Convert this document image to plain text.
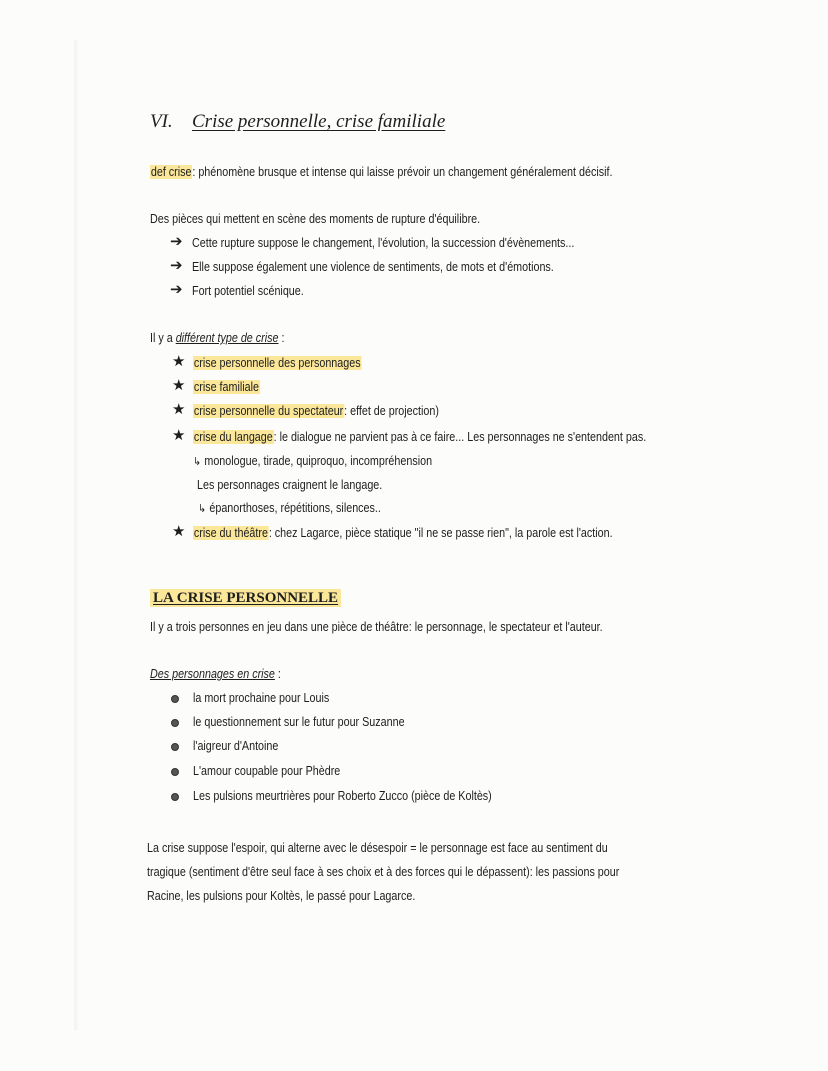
VI. Crise personnelle, crise familiale
def crise: phénomène brusque et intense qui laisse prévoir un changement généralement décisif.
Des pièces qui mettent en scène des moments de rupture d'équilibre.
➔ Cette rupture suppose le changement, l'évolution, la succession d'évènements...
➔ Elle suppose également une violence de sentiments, de mots et d'émotions.
➔ Fort potentiel scénique.
Il y a différent type de crise :
★ crise personnelle des personnages
★ crise familiale
★ crise personnelle du spectateur: effet de projection)
★ crise du langage: le dialogue ne parvient pas à ce faire... Les personnages ne s'entendent pas.
↳ monologue, tirade, quiproquo, incompréhension
Les personnages craignent le langage.
↳ épanorthoses, répétitions, silences..
★ crise du théâtre: chez Lagarce, pièce statique "il ne se passe rien", la parole est l'action.
LA CRISE PERSONNELLE
Il y a trois personnes en jeu dans une pièce de théâtre: le personnage, le spectateur et l'auteur.
Des personnages en crise :
la mort prochaine pour Louis
le questionnement sur le futur pour Suzanne
l'aigreur d'Antoine
L'amour coupable pour Phèdre
Les pulsions meurtrières pour Roberto Zucco (pièce de Koltès)
La crise suppose l'espoir, qui alterne avec le désespoir = le personnage est face au sentiment du
tragique (sentiment d'être seul face à ses choix et à des forces qui le dépassent): les passions pour
Racine, les pulsions pour Koltès, le passé pour Lagarce.
